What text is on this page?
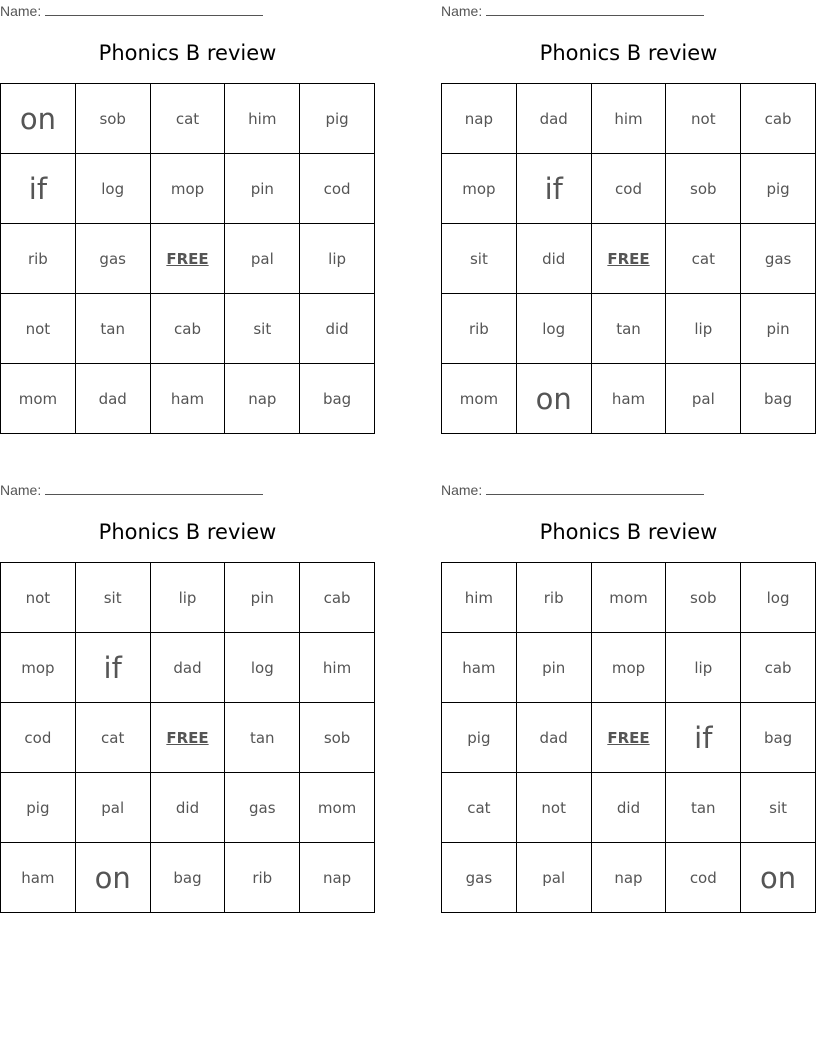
Name:
Phonics B review
on	sob	cat	him	pig
if	log	mop	pin	cod
rib	gas	FREE	pal	lip
not	tan	cab	sit	did
mom	dad	ham	nap	bag
Name:
Phonics B review
nap	dad	him	not	cab
mop	if	cod	sob	pig
sit	did	FREE	cat	gas
rib	log	tan	lip	pin
mom	on	ham	pal	bag
Name:
Phonics B review
not	sit	lip	pin	cab
mop	if	dad	log	him
cod	cat	FREE	tan	sob
pig	pal	did	gas	mom
ham	on	bag	rib	nap
Name:
Phonics B review
him	rib	mom	sob	log
ham	pin	mop	lip	cab
pig	dad	FREE	if	bag
cat	not	did	tan	sit
gas	pal	nap	cod	on
